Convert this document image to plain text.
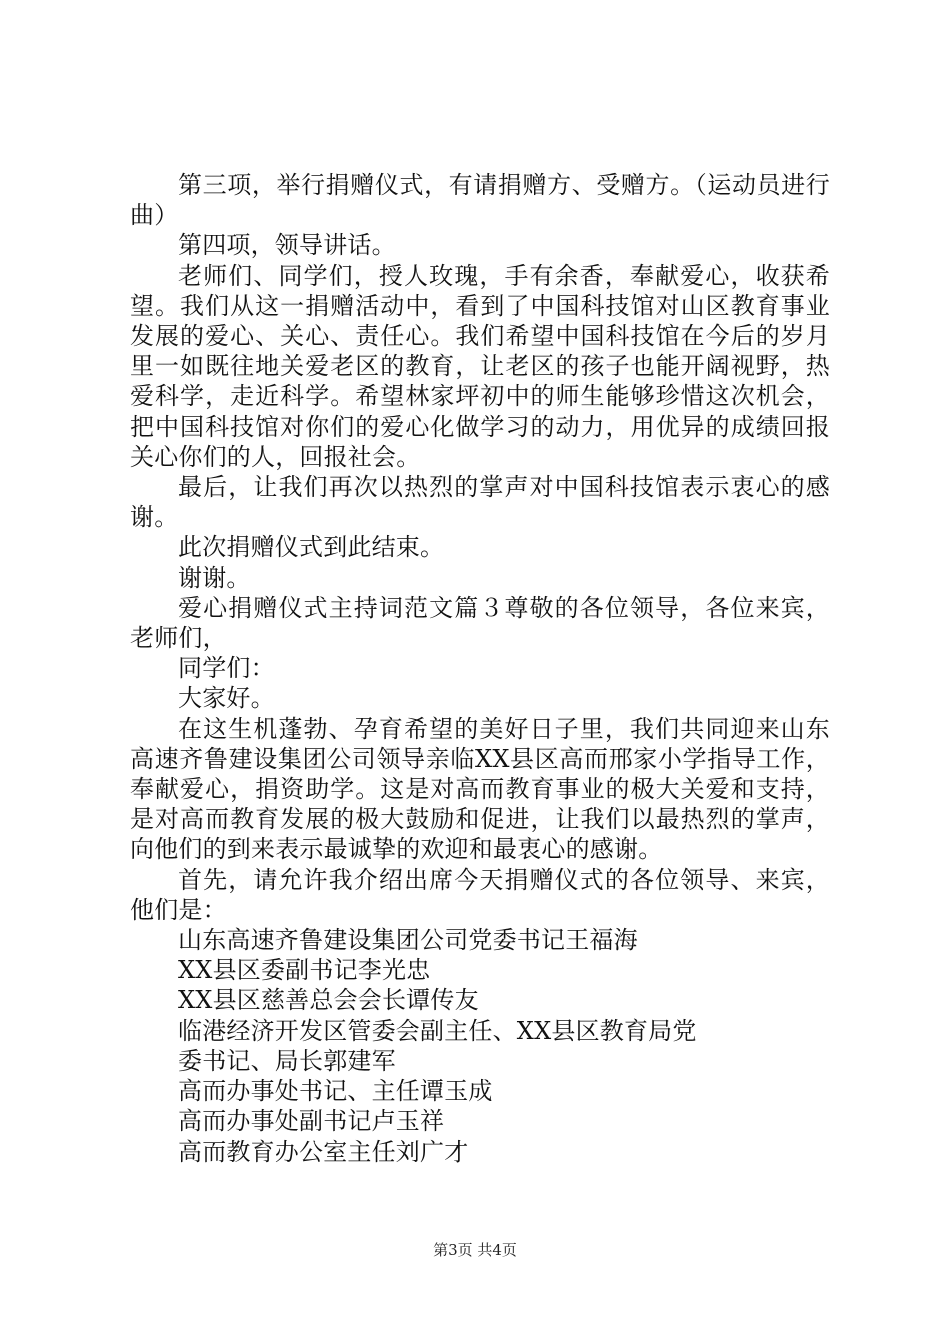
第三项，举行捐赠仪式，有请捐赠方、受赠方。（运动员进行曲）

第四项，领导讲话。

老师们、同学们，授人玫瑰，手有余香，奉献爱心，收获希望。我们从这一捐赠活动中，看到了中国科技馆对山区教育事业发展的爱心、关心、责任心。我们希望中国科技馆在今后的岁月里一如既往地关爱老区的教育，让老区的孩子也能开阔视野，热爱科学，走近科学。希望林家坪初中的师生能够珍惜这次机会，把中国科技馆对你们的爱心化做学习的动力，用优异的成绩回报关心你们的人，回报社会。

最后，让我们再次以热烈的掌声对中国科技馆表示衷心的感谢。

此次捐赠仪式到此结束。

谢谢。

爱心捐赠仪式主持词范文篇３尊敬的各位领导，各位来宾，老师们，

同学们：

大家好。

在这生机蓬勃、孕育希望的美好日子里，我们共同迎来山东高速齐鲁建设集团公司领导亲临XX县区高而邢家小学指导工作，奉献爱心，捐资助学。这是对高而教育事业的极大关爱和支持，是对高而教育发展的极大鼓励和促进，让我们以最热烈的掌声，向他们的到来表示最诚挚的欢迎和最衷心的感谢。

首先，请允许我介绍出席今天捐赠仪式的各位领导、来宾，他们是：

山东高速齐鲁建设集团公司党委书记王福海

XX县区委副书记李光忠

XX县区慈善总会会长谭传友

临港经济开发区管委会副主任、XX县区教育局党

委书记、局长郭建军

高而办事处书记、主任谭玉成

高而办事处副书记卢玉祥

高而教育办公室主任刘广才

第3页 共4页
